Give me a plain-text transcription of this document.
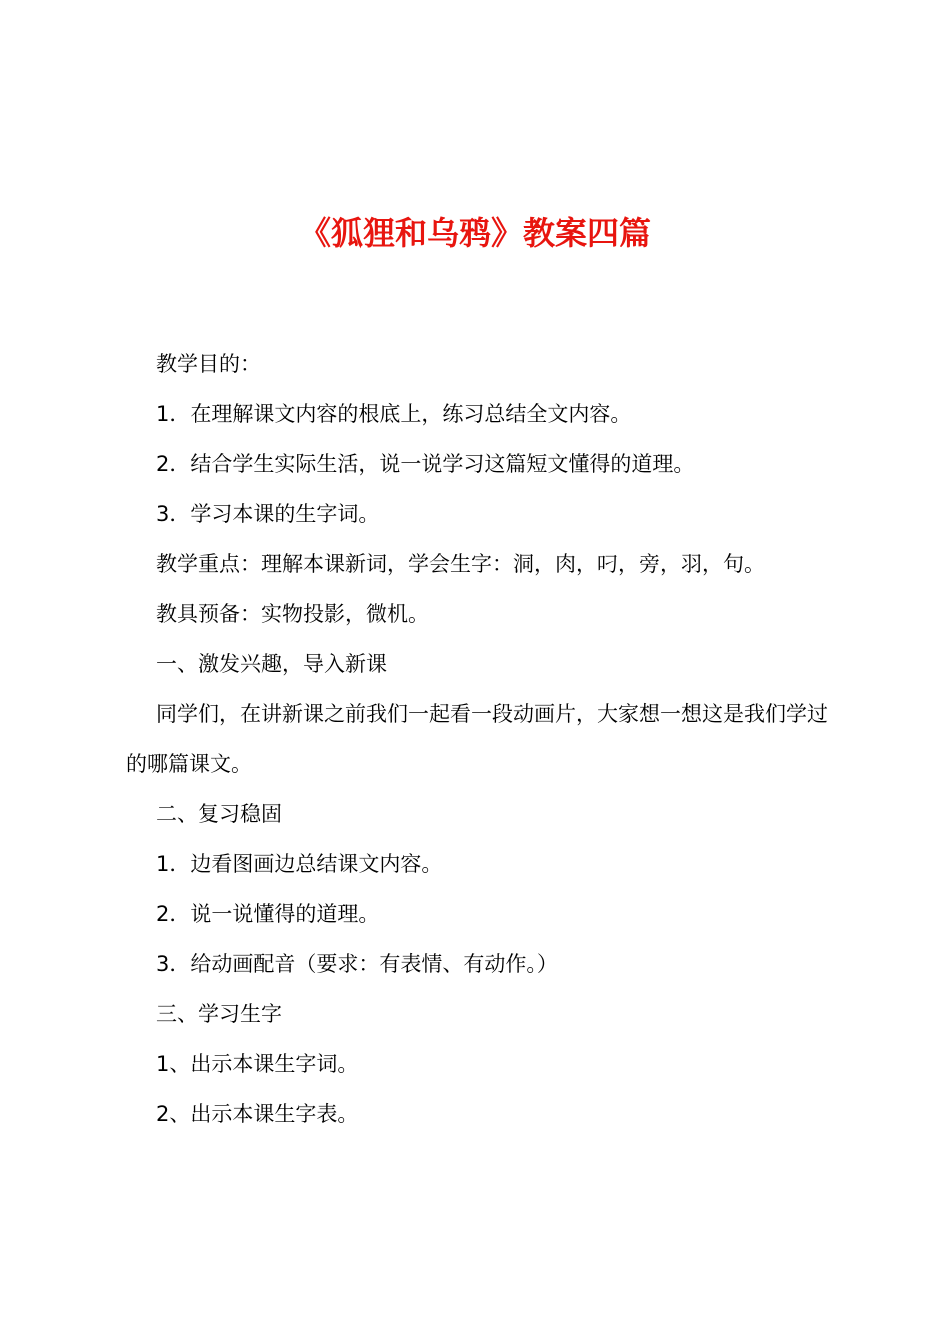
《狐狸和乌鸦》教案四篇

教学目的：

1．在理解课文内容的根底上，练习总结全文内容。

2．结合学生实际生活，说一说学习这篇短文懂得的道理。

3．学习本课的生字词。

教学重点：理解本课新词，学会生字：洞，肉，叼，旁，羽，句。

教具预备：实物投影，微机。

一、激发兴趣，导入新课

同学们，在讲新课之前我们一起看一段动画片，大家想一想这是我们学过的哪篇课文。

二、复习稳固

1．边看图画边总结课文内容。

2．说一说懂得的道理。

3．给动画配音（要求：有表情、有动作。）

三、学习生字

1、出示本课生字词。

2、出示本课生字表。
